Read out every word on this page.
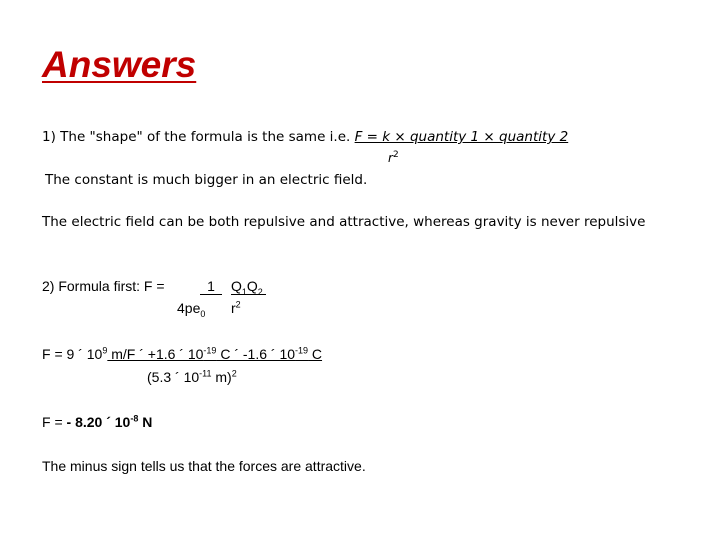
Answers
1) The "shape" of the formula is the same i.e. F = k × quantity 1 × quantity 2
$r^2$
The constant is much bigger in an electric field.
The electric field can be both repulsive and attractive, whereas gravity is never repulsive
2) Formula first: F =	1
$4pe_0$
$Q_1Q_2$
$r^2$
F = 9 ´ $10^9$ m/F ´ +1.6 ´ $10^{-19}$ C ´ -1.6 ´ $10^{-19}$ C
(5.3 ´ $10^{-11}$ m)$^2$
F = - 8.20 ´ $10^{-8}$ N
The minus sign tells us that the forces are attractive.
